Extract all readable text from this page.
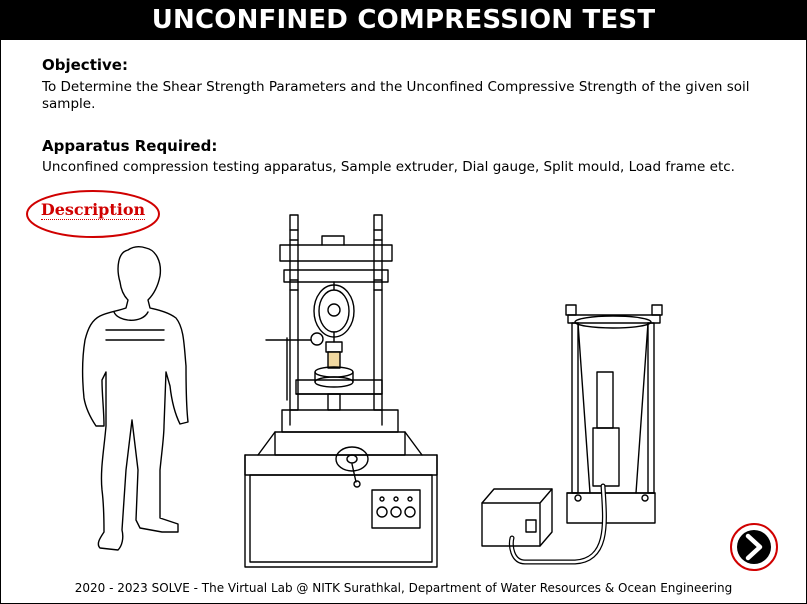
UNCONFINED COMPRESSION TEST
Objective:
To Determine the Shear Strength Parameters and the Unconfined Compressive Strength of the given soil sample.
Apparatus Required:
Unconfined compression testing apparatus, Sample extruder, Dial gauge, Split mould, Load frame etc.
Description
2020 - 2023 SOLVE - The Virtual Lab @ NITK Surathkal, Department of Water Resources & Ocean Engineering
